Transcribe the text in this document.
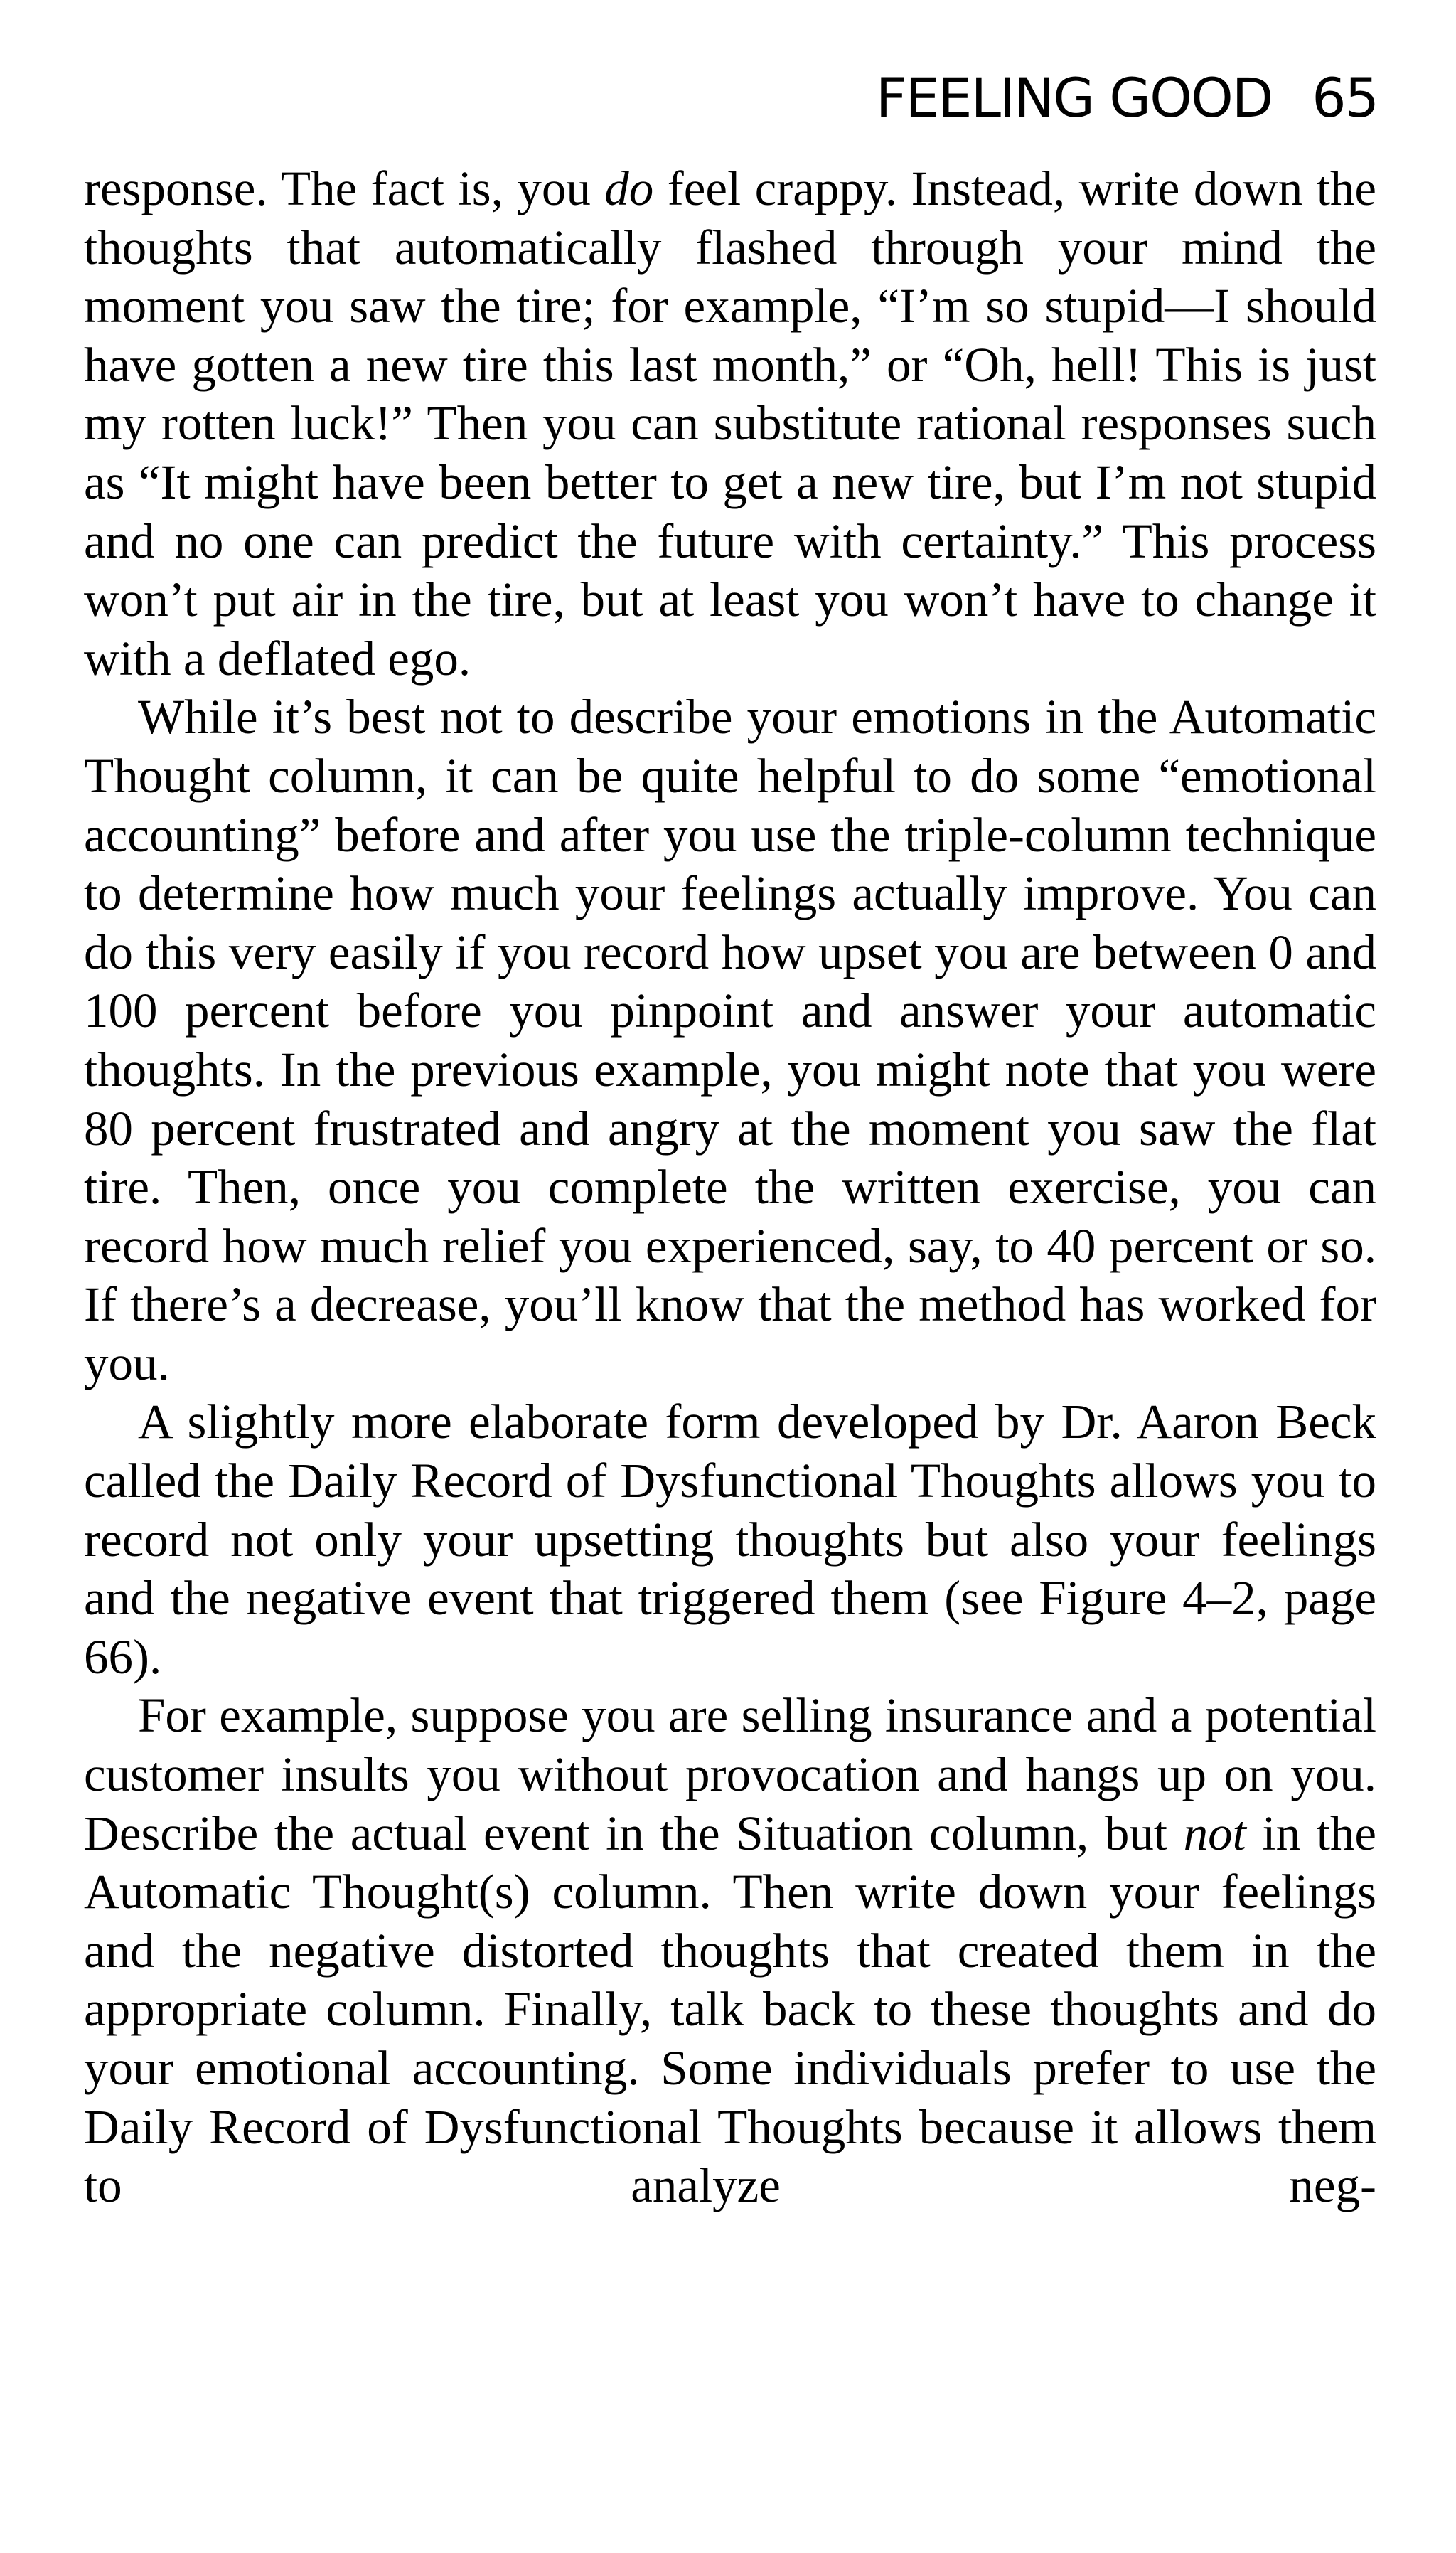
FEELING GOOD 65

response. The fact is, you do feel crappy. Instead, write down the thoughts that automatically flashed through your mind the moment you saw the tire; for example, “I’m so stupid—I should have gotten a new tire this last month,” or “Oh, hell! This is just my rotten luck!” Then you can substitute rational responses such as “It might have been better to get a new tire, but I’m not stupid and no one can predict the future with certainty.” This process won’t put air in the tire, but at least you won’t have to change it with a deflated ego.

While it’s best not to describe your emotions in the Automatic Thought column, it can be quite helpful to do some “emotional accounting” before and after you use the triple-column technique to determine how much your feelings actually improve. You can do this very easily if you record how upset you are between 0 and 100 percent before you pinpoint and answer your automatic thoughts. In the previous example, you might note that you were 80 percent frustrated and angry at the moment you saw the flat tire. Then, once you complete the written exercise, you can record how much relief you experienced, say, to 40 percent or so. If there’s a decrease, you’ll know that the method has worked for you.

A slightly more elaborate form developed by Dr. Aaron Beck called the Daily Record of Dysfunctional Thoughts allows you to record not only your upsetting thoughts but also your feelings and the negative event that triggered them (see Figure 4–2, page 66).

For example, suppose you are selling insurance and a potential customer insults you without provocation and hangs up on you. Describe the actual event in the Situation column, but not in the Automatic Thought(s) column. Then write down your feelings and the negative distorted thoughts that created them in the appropriate column. Finally, talk back to these thoughts and do your emotional accounting. Some individuals prefer to use the Daily Record of Dysfunctional Thoughts because it allows them to analyze neg-
